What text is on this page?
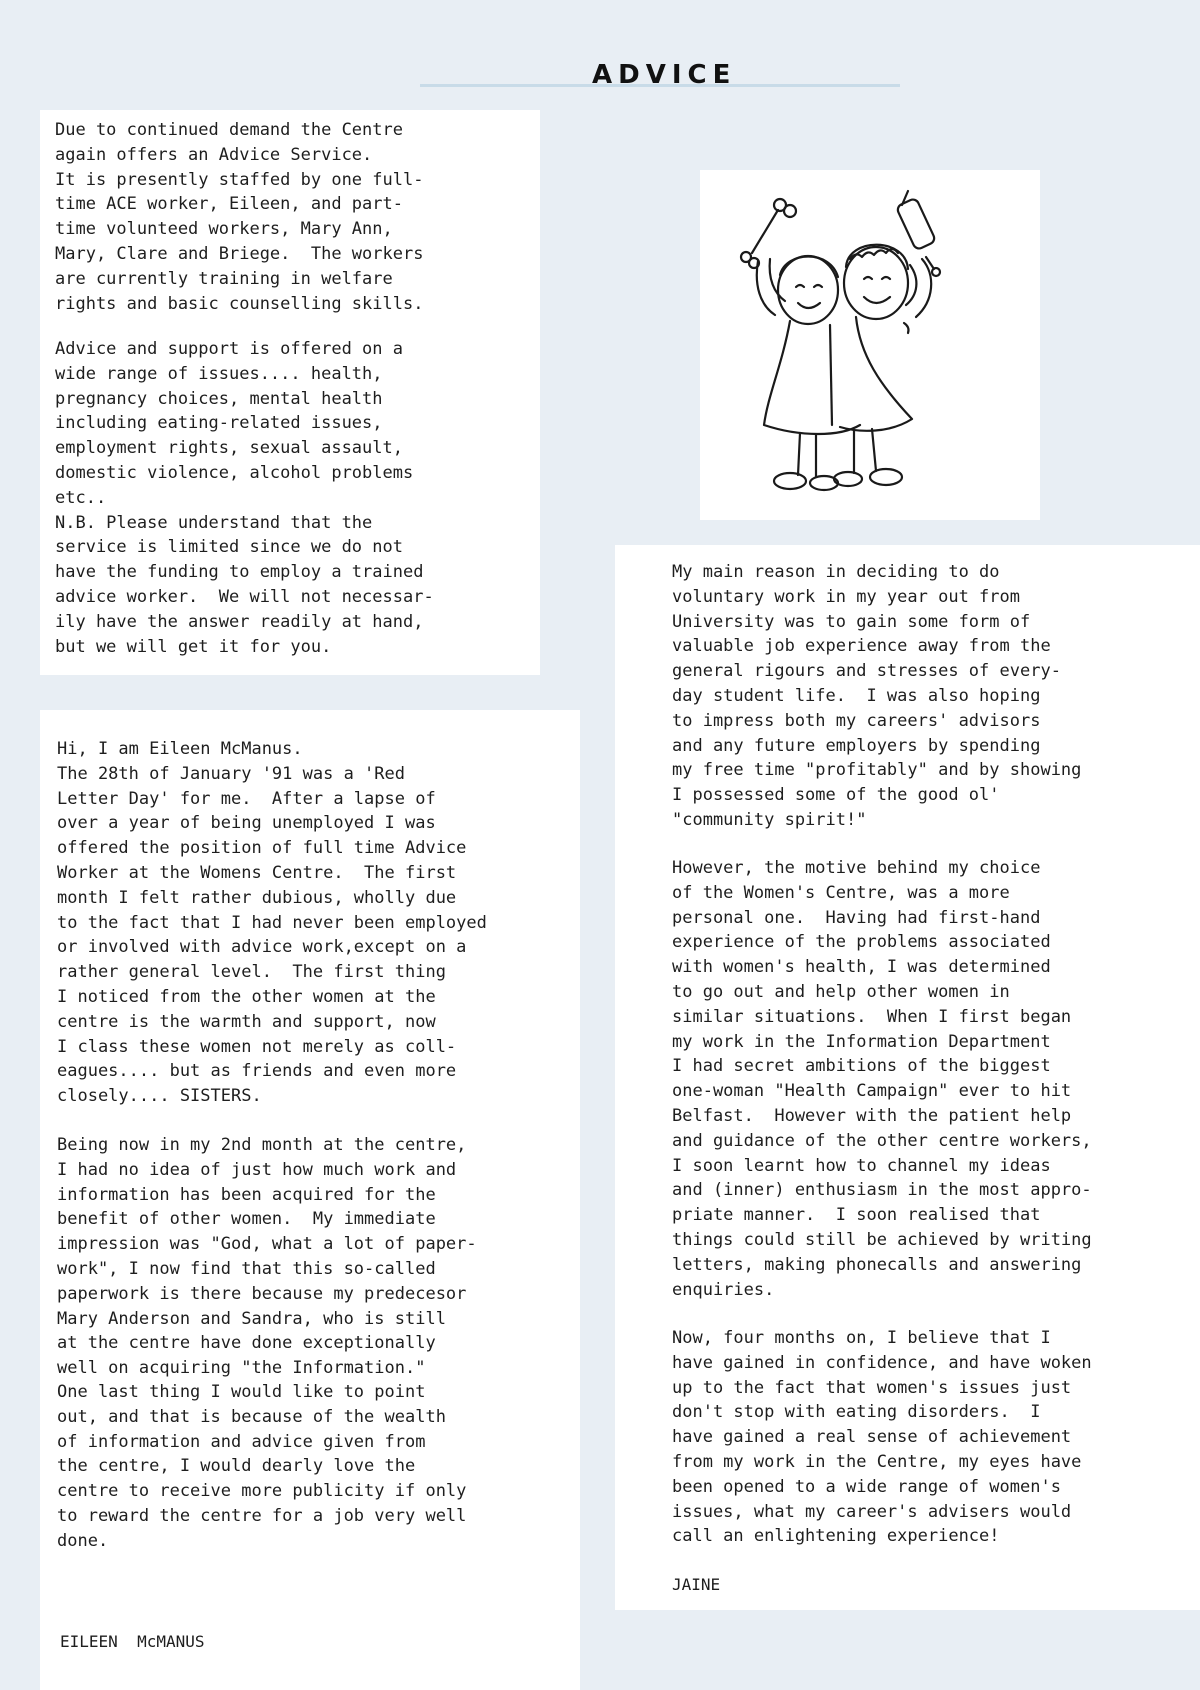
ADVICE

Due to continued demand the Centre
again offers an Advice Service.
It is presently staffed by one full-
time ACE worker, Eileen, and part-
time volunteed workers, Mary Ann,
Mary, Clare and Briege.  The workers
are currently training in welfare
rights and basic counselling skills.

Advice and support is offered on a
wide range of issues.... health,
pregnancy choices, mental health
including eating-related issues,
employment rights, sexual assault,
domestic violence, alcohol problems
etc..
N.B. Please understand that the
service is limited since we do not
have the funding to employ a trained
advice worker.  We will not necessar-
ily have the answer readily at hand,
but we will get it for you.

Hi, I am Eileen McManus.
The 28th of January '91 was a 'Red
Letter Day' for me.  After a lapse of
over a year of being unemployed I was
offered the position of full time Advice
Worker at the Womens Centre.  The first
month I felt rather dubious, wholly due
to the fact that I had never been employed
or involved with advice work,except on a
rather general level.  The first thing
I noticed from the other women at the
centre is the warmth and support, now
I class these women not merely as coll-
eagues.... but as friends and even more
closely.... SISTERS.

Being now in my 2nd month at the centre,
I had no idea of just how much work and
information has been acquired for the
benefit of other women.  My immediate
impression was "God, what a lot of paper-
work", I now find that this so-called
paperwork is there because my predecesor
Mary Anderson and Sandra, who is still
at the centre have done exceptionally
well on acquiring "the Information."

One last thing I would like to point
out, and that is because of the wealth
of information and advice given from
the centre, I would dearly love the
centre to receive more publicity if only
to reward the centre for a job very well
done.

EILEEN  McMANUS

My main reason in deciding to do
voluntary work in my year out from
University was to gain some form of
valuable job experience away from the
general rigours and stresses of every-
day student life.  I was also hoping
to impress both my careers' advisors
and any future employers by spending
my free time "profitably" and by showing
I possessed some of the good ol'
"community spirit!"

However, the motive behind my choice
of the Women's Centre, was a more
personal one.  Having had first-hand
experience of the problems associated
with women's health, I was determined
to go out and help other women in
similar situations.  When I first began
my work in the Information Department
I had secret ambitions of the biggest
one-woman "Health Campaign" ever to hit
Belfast.  However with the patient help
and guidance of the other centre workers,
I soon learnt how to channel my ideas
and (inner) enthusiasm in the most appro-
priate manner.  I soon realised that
things could still be achieved by writing
letters, making phonecalls and answering
enquiries.

Now, four months on, I believe that I
have gained in confidence, and have woken
up to the fact that women's issues just
don't stop with eating disorders.  I
have gained a real sense of achievement
from my work in the Centre, my eyes have
been opened to a wide range of women's
issues, what my career's advisers would
call an enlightening experience!

JAINE
